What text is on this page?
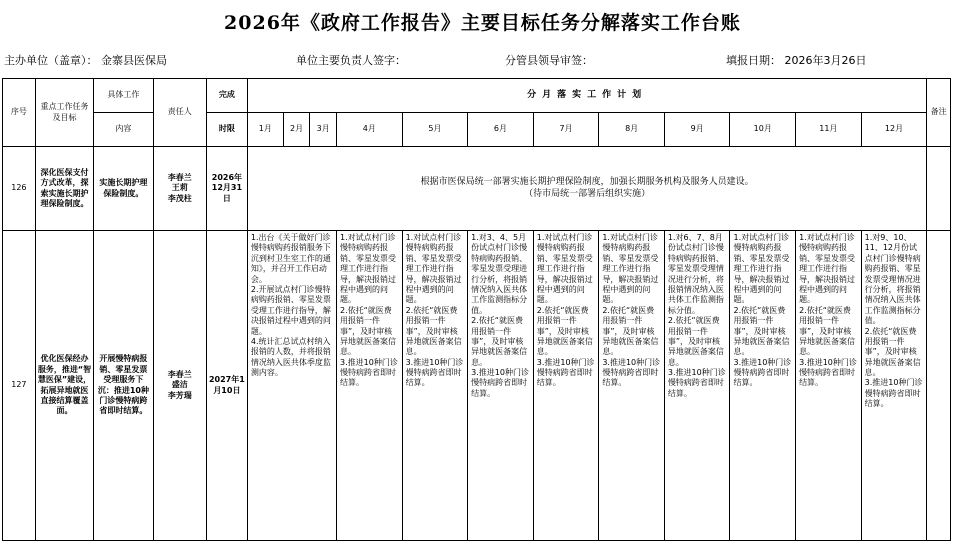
2026年《政府工作报告》主要目标任务分解落实工作台账
主办单位（盖章）： 金寨县医保局	单位主要负责人签字：	分管县领导审签：	填报日期： 2026年3月26日
序号	重点工作任务及目标	具体工作	责任人	完成	分月落实工作计划												备注
		内容		时限	1月	2月	3月	4月	5月	6月	7月	8月	9月	10月	11月	12月	
126	深化医保支付方式改革，探索实施长期护理保险制度。	实施长期护理保险制度。	李春兰
王莉
李茂柱	2026年12月31日	根据市医保局统一部署实施长期护理保险制度，加强长期服务机构及服务人员建设。
（待市局统一部署后组织实施）												
127	优化医保经办服务，推进“智慧医保”建设，拓展异地就医直接结算覆盖面。	开展慢特病报销、零星发票受理服务下沉：推进10种门诊慢特病跨省即时结算。	李春兰
盛洁
李芳瑞	2027年1月10日	1.出台《关于做好门诊慢特病购药报销服务下沉到村卫生室工作的通知》，并召开工作启动会。
2.开展试点村门诊慢特病购药报销、零星发票受理工作进行指导，解决报销过程中遇到的问题。
4.统计汇总试点村纳入报销的人数，并将报销情况纳入医共体季度监测内容。			1.对试点村门诊慢特病购药报销、零星发票受理工作进行指导，解决报销过程中遇到的问题。
2.依托“就医费用报销一件事”，及时审核异地就医备案信息。
3.推进10种门诊慢特病跨省即时结算。	1.对试点村门诊慢特病购药报销、零星发票受理工作进行指导，解决报销过程中遇到的问题。
2.依托“就医费用报销一件事”，及时审核异地就医备案信息。
3.推进10种门诊慢特病跨省即时结算。	1.对3、4、5月份试点村门诊慢特病购药报销、零星发票受理进行分析，将报销情况纳入医共体工作监测指标分值。
2.依托“就医费用报销一件事”，及时审核异地就医备案信息。
3.推进10种门诊慢特病跨省即时结算。	1.对试点村门诊慢特病购药报销、零星发票受理工作进行指导，解决报销过程中遇到的问题。
2.依托“就医费用报销一件事”，及时审核异地就医备案信息。
3.推进10种门诊慢特病跨省即时结算。	1.对试点村门诊慢特病购药报销、零星发票受理工作进行指导，解决报销过程中遇到的问题。
2.依托“就医费用报销一件事”，及时审核异地就医备案信息。
3.推进10种门诊慢特病跨省即时结算。	1.对6、7、8月份试点村门诊慢特病购药报销、零星发票受理情况进行分析，将报销情况纳入医共体工作监测指标分值。
2.依托“就医费用报销一件事”，及时审核异地就医备案信息。
3.推进10种门诊慢特病跨省即时结算。	1.对试点村门诊慢特病购药报销、零星发票受理工作进行指导，解决报销过程中遇到的问题。
2.依托“就医费用报销一件事”，及时审核异地就医备案信息。
3.推进10种门诊慢特病跨省即时结算。	1.对试点村门诊慢特病购药报销、零星发票受理工作进行指导，解决报销过程中遇到的问题。
2.依托“就医费用报销一件事”，及时审核异地就医备案信息。
3.推进10种门诊慢特病跨省即时结算。	1.对9、10、11、12月份试点村门诊慢特病购药报销、零星发票受理情况进行分析，将报销情况纳入医共体工作监测指标分值。
2.依托“就医费用报销一件事”，及时审核异地就医备案信息。
3.推进10种门诊慢特病跨省即时结算。	
